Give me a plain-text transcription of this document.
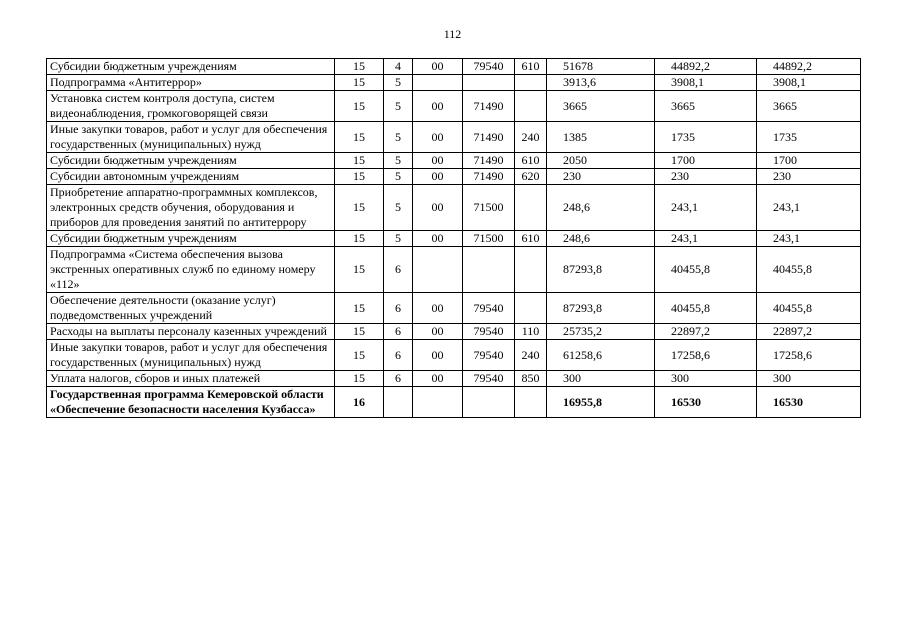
112
Субсидии бюджетным учреждениям	15	4	00	79540	610	51678	44892,2	44892,2
Подпрограмма «Антитеррор»	15	5				3913,6	3908,1	3908,1
Установка систем контроля доступа, систем видеонаблюдения, громкоговорящей связи	15	5	00	71490		3665	3665	3665
Иные закупки товаров, работ и услуг для обеспечения государственных (муниципальных) нужд	15	5	00	71490	240	1385	1735	1735
Субсидии бюджетным учреждениям	15	5	00	71490	610	2050	1700	1700
Субсидии автономным учреждениям	15	5	00	71490	620	230	230	230
Приобретение аппаратно-программных комплексов, электронных средств обучения, оборудования и приборов для проведения занятий по антитеррору	15	5	00	71500		248,6	243,1	243,1
Субсидии бюджетным учреждениям	15	5	00	71500	610	248,6	243,1	243,1
Подпрограмма «Система обеспечения вызова экстренных оперативных служб по единому номеру «112»	15	6				87293,8	40455,8	40455,8
Обеспечение деятельности (оказание услуг) подведомственных учреждений	15	6	00	79540		87293,8	40455,8	40455,8
Расходы на выплаты персоналу казенных учреждений	15	6	00	79540	110	25735,2	22897,2	22897,2
Иные закупки товаров, работ и услуг для обеспечения государственных (муниципальных) нужд	15	6	00	79540	240	61258,6	17258,6	17258,6
Уплата налогов, сборов и иных платежей	15	6	00	79540	850	300	300	300
Государственная программа Кемеровской области «Обеспечение безопасности населения Кузбасса»	16					16955,8	16530	16530
